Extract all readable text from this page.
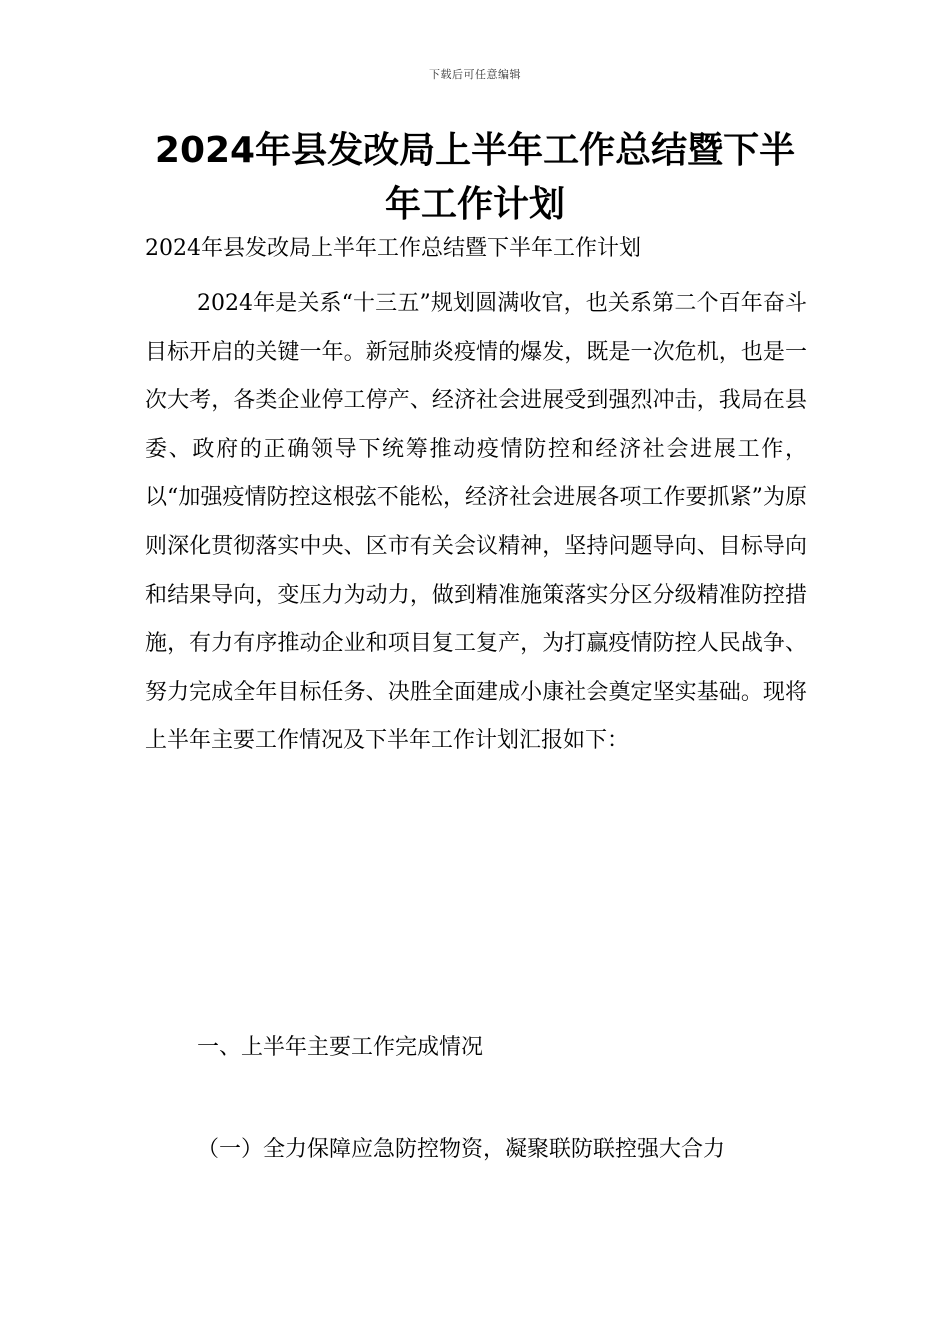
下载后可任意编辑
2024年县发改局上半年工作总结暨下半年工作计划

2024年县发改局上半年工作总结暨下半年工作计划

2024年是关系“十三五”规划圆满收官，也关系第二个百年奋斗目标开启的关键一年。新冠肺炎疫情的爆发，既是一次危机，也是一次大考，各类企业停工停产、经济社会进展受到强烈冲击，我局在县委、政府的正确领导下统筹推动疫情防控和经济社会进展工作，以“加强疫情防控这根弦不能松，经济社会进展各项工作要抓紧”为原则深化贯彻落实中央、区市有关会议精神，坚持问题导向、目标导向和结果导向，变压力为动力，做到精准施策落实分区分级精准防控措施，有力有序推动企业和项目复工复产，为打赢疫情防控人民战争、努力完成全年目标任务、决胜全面建成小康社会奠定坚实基础。现将上半年主要工作情况及下半年工作计划汇报如下：

一、上半年主要工作完成情况

（一）全力保障应急防控物资，凝聚联防联控强大合力
